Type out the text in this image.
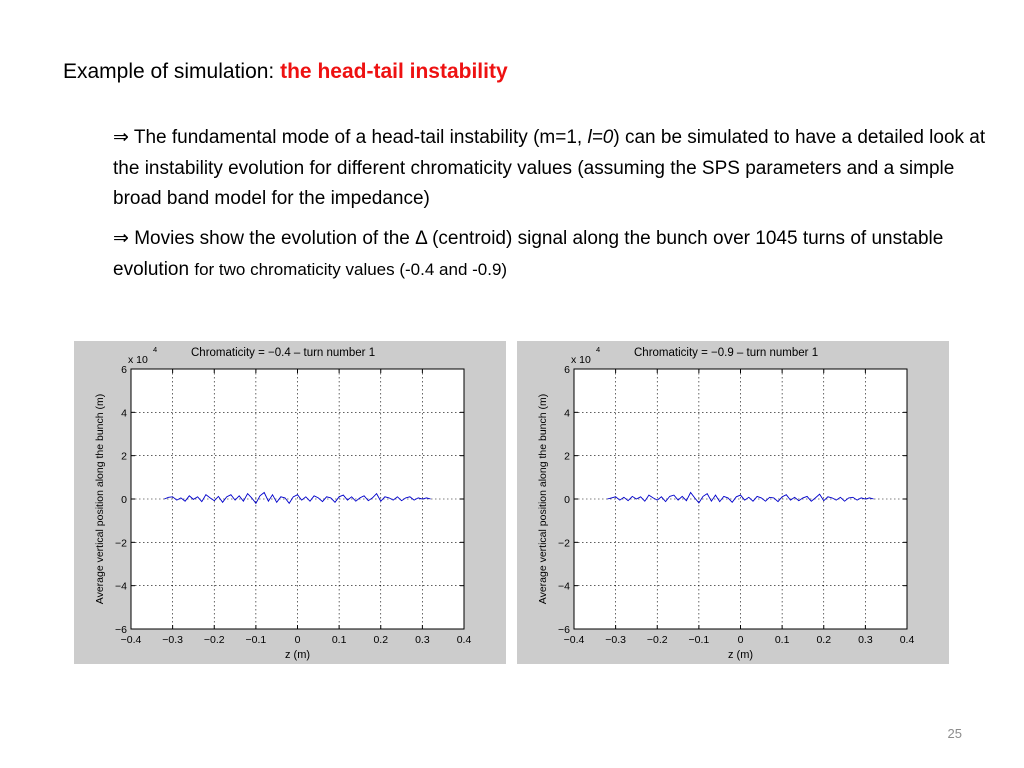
Example of simulation: the head-tail instability

⇒ The fundamental mode of a head-tail instability (m=1, l=0) can be simulated to have a detailed look at the instability evolution for different chromaticity values (assuming the SPS parameters and a simple broad band model for the impedance)

⇒ Movies show the evolution of the Δ (centroid) signal along the bunch over 1045 turns of unstable evolution for two chromaticity values (-0.4 and -0.9)

−0.4 −0.3 −0.2 −0.1	0	0.1	0.2	0.3	0.4
6
4
2
0
−2
−4
−6
Chromaticity = −0.4 – turn number 1
x 10
4
z (m)
Average vertical position along the bunch (m)
−0.4 −0.3 −0.2 −0.1	0	0.1	0.2	0.3	0.4
6
4
2
0
−2
−4
−6
Chromaticity = −0.9 – turn number 1
x 10
4
z (m)
Average vertical position along the bunch (m)
25
